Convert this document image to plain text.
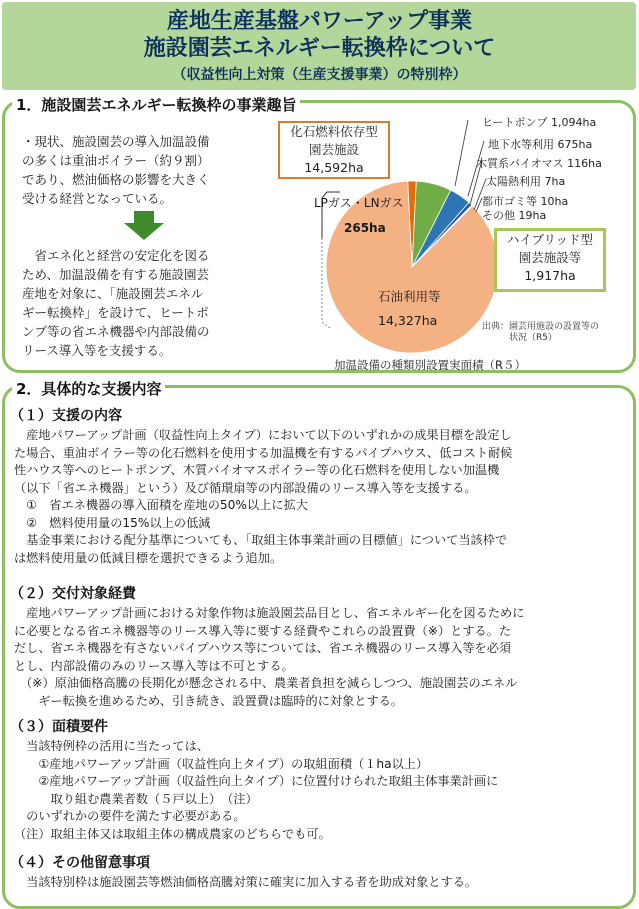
産地生産基盤パワーアップ事業
施設園芸エネルギー転換枠について
（収益性向上対策（生産支援事業）の特別枠）
1．施設園芸エネルギー転換枠の事業趣旨
・現状、施設園芸の導入加温設備
の多くは重油ボイラー（約９割）
であり、燃油価格の影響を大きく
受ける経営となっている。
　省エネ化と経営の安定化を図る
ため、加温設備を有する施設園芸
産地を対象に、「施設園芸エネル
ギー転換枠」を設けて、ヒートポ
ンプ等の省エネ機器や内部設備の
リース導入等を支援する。
化石燃料依存型
園芸施設
14,592ha
ハイブリッド型
園芸施設等
1,917ha
ヒートポンプ 1,094ha
地下水等利用 675ha
木質系バイオマス 116ha
太陽熱利用 7ha
都市ゴミ等 10ha
その他 19ha
LPガス・LNガス
265ha
石油利用等
14,327ha	出典：園芸用施設の設置等の
　　　状況（R5）
加温設備の種類別設置実面積（R５）
2．具体的な支援内容
（１）支援の内容
　産地パワーアップ計画（収益性向上タイプ）において以下のいずれかの成果目標を設定し
た場合、重油ボイラー等の化石燃料を使用する加温機を有するパイプハウス、低コスト耐候
性ハウス等へのヒートポンプ、木質バイオマスボイラー等の化石燃料を使用しない加温機
（以下「省エネ機器」という）及び循環扇等の内部設備のリース導入等を支援する。
　①　省エネ機器の導入面積を産地の50%以上に拡大
　②　燃料使用量の15%以上の低減
　基金事業における配分基準についても、「取組主体事業計画の目標値」について当該枠で
は燃料使用量の低減目標を選択できるよう追加。
（２）交付対象経費
　産地パワーアップ計画における対象作物は施設園芸品目とし、省エネルギー化を図るために
に必要となる省エネ機器等のリース導入等に要する経費やこれらの設置費（※）とする。た
だし、省エネ機器を有さないパイプハウス等については、省エネ機器のリース導入等を必須
とし、内部設備のみのリース導入等は不可とする。
　（※）原油価格高騰の長期化が懸念される中、農業者負担を減らしつつ、施設園芸のエネル
　　ギー転換を進めるため、引き続き、設置費は臨時的に対象とする。
（３）面積要件
　当該特例枠の活用に当たっては、
　　①産地パワーアップ計画（収益性向上タイプ）の取組面積（１ha以上）
　　②産地パワーアップ計画（収益性向上タイプ）に位置付けられた取組主体事業計画に
　　　取り組む農業者数（５戸以上）　（注）
　のいずれかの要件を満たす必要がある。
（注）取組主体又は取組主体の構成農家のどちらでも可。
（４）その他留意事項
　当該特別枠は施設園芸等燃油価格高騰対策に確実に加入する者を助成対象とする。
